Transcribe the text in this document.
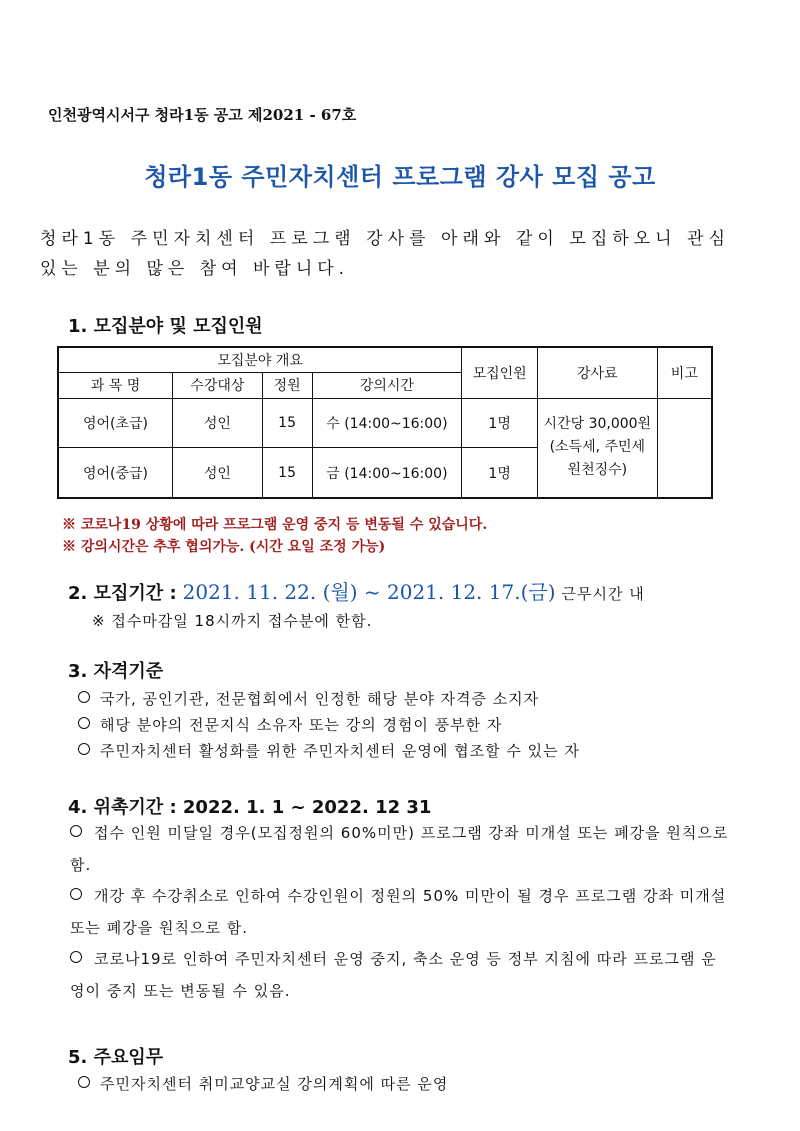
인천광역시서구 청라1동 공고 제2021 - 67호
청라1동 주민자치센터 프로그램 강사 모집 공고
청라1동 주민자치센터 프로그램 강사를 아래와 같이 모집하오니 관심 있는 분의 많은 참여 바랍니다.
1. 모집분야 및 모집인원
모집분야 개요				모집인원	강사료	비고
과 목 명	수강대상	정원	강의시간			
영어(초급)	성인	15	수 (14:00~16:00)	1명	시간당 30,000원
(소득세, 주민세
원천징수)	

영어(중급)	성인	15	금 (14:00~16:00)	1명		
※ 코로나19 상황에 따라 프로그램 운영 중지 등 변동될 수 있습니다.
※ 강의시간은 추후 협의가능. (시간 요일 조정 가능)
2. 모집기간 : 2021. 11. 22. (월) ~ 2021. 12. 17.(금) 근무시간 내
※ 접수마감일 18시까지 접수분에 한함.
3. 자격기준
국가, 공인기관, 전문협회에서 인정한 해당 분야 자격증 소지자
해당 분야의 전문지식 소유자 또는 강의 경험이 풍부한 자
주민자치센터 활성화를 위한 주민자치센터 운영에 협조할 수 있는 자
4. 위촉기간 : 2022. 1. 1 ~ 2022. 12 31
접수 인원 미달일 경우(모집정원의 60%미만) 프로그램 강좌 미개설 또는 폐강을 원칙으로 함.
개강 후 수강취소로 인하여 수강인원이 정원의 50% 미만이 될 경우 프로그램 강좌 미개설 또는 폐강을 원칙으로 함.
코로나19로 인하여 주민자치센터 운영 중지, 축소 운영 등 정부 지침에 따라 프로그램 운영이 중지 또는 변동될 수 있음.
5. 주요임무
주민자치센터 취미교양교실 강의계획에 따른 운영
